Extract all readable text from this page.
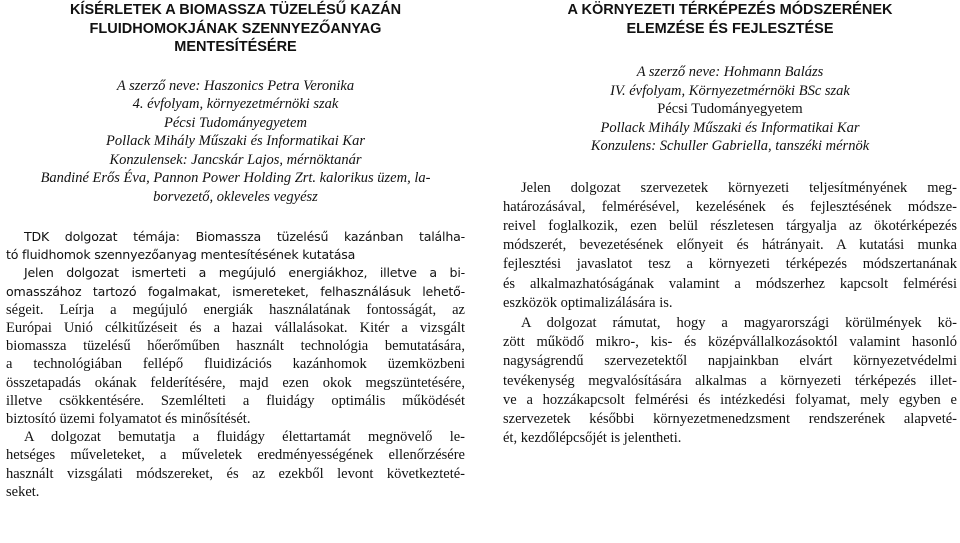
KÍSÉRLETEK A BIOMASSZA TÜZELÉSŰ KAZÁN
FLUIDHOMOKJÁNAK SZENNYEZŐANYAG
MENTESÍTÉSÉRE
A szerző neve: Haszonics Petra Veronika
4. évfolyam, környezetmérnöki szak
Pécsi Tudományegyetem
Pollack Mihály Műszaki és Informatikai Kar
Konzulensek: Jancskár Lajos, mérnöktanár
Bandiné Erős Éva, Pannon Power Holding Zrt. kalorikus üzem, la-
borvezető, okleveles vegyész
TDK dolgozat témája: Biomassza tüzelésű kazánban találha-
tó fluidhomok szennyezőanyag mentesítésének kutatása
Jelen dolgozat ismerteti a megújuló energiákhoz, illetve a bi-
omasszához tartozó fogalmakat, ismereteket, felhasználásuk lehető-
ségeit. Leírja a megújuló energiák használatának fontosságát, az
Európai Unió célkitűzéseit és a hazai vállalásokat. Kitér a vizsgált
biomassza tüzelésű hőerőműben használt technológia bemutatására,
a technológiában fellépő fluidizációs kazánhomok üzemközbeni
összetapadás okának felderítésére, majd ezen okok megszüntetésére,
illetve csökkentésére. Szemlélteti a fluidágy optimális működését
biztosító üzemi folyamatot és minősítését.
A dolgozat bemutatja a fluidágy élettartamát megnövelő le-
hetséges műveleteket, a műveletek eredményességének ellenőrzésére
használt vizsgálati módszereket, és az ezekből levont következteté-
seket.
A KÖRNYEZETI TÉRKÉPEZÉS MÓDSZERÉNEK
ELEMZÉSE ÉS FEJLESZTÉSE
A szerző neve: Hohmann Balázs
IV. évfolyam, Környezetmérnöki BSc szak
Pécsi Tudományegyetem
Pollack Mihály Műszaki és Informatikai Kar
Konzulens: Schuller Gabriella, tanszéki mérnök
Jelen dolgozat szervezetek környezeti teljesítményének meg-
határozásával, felmérésével, kezelésének és fejlesztésének módsze-
reivel foglalkozik, ezen belül részletesen tárgyalja az ökotérképezés
módszerét, bevezetésének előnyeit és hátrányait. A kutatási munka
fejlesztési javaslatot tesz a környezeti térképezés módszertanának
és alkalmazhatóságának valamint a módszerhez kapcsolt felmérési
eszközök optimalizálására is.
A dolgozat rámutat, hogy a magyarországi körülmények kö-
zött működő mikro-, kis- és középvállalkozásoktól valamint hasonló
nagyságrendű szervezetektől napjainkban elvárt környezetvédelmi
tevékenység megvalósítására alkalmas a környezeti térképezés illet-
ve a hozzákapcsolt felmérési és intézkedési folyamat, mely egyben e
szervezetek későbbi környezetmenedzsment rendszerének alapveté-
ét, kezdőlépcsőjét is jelentheti.
